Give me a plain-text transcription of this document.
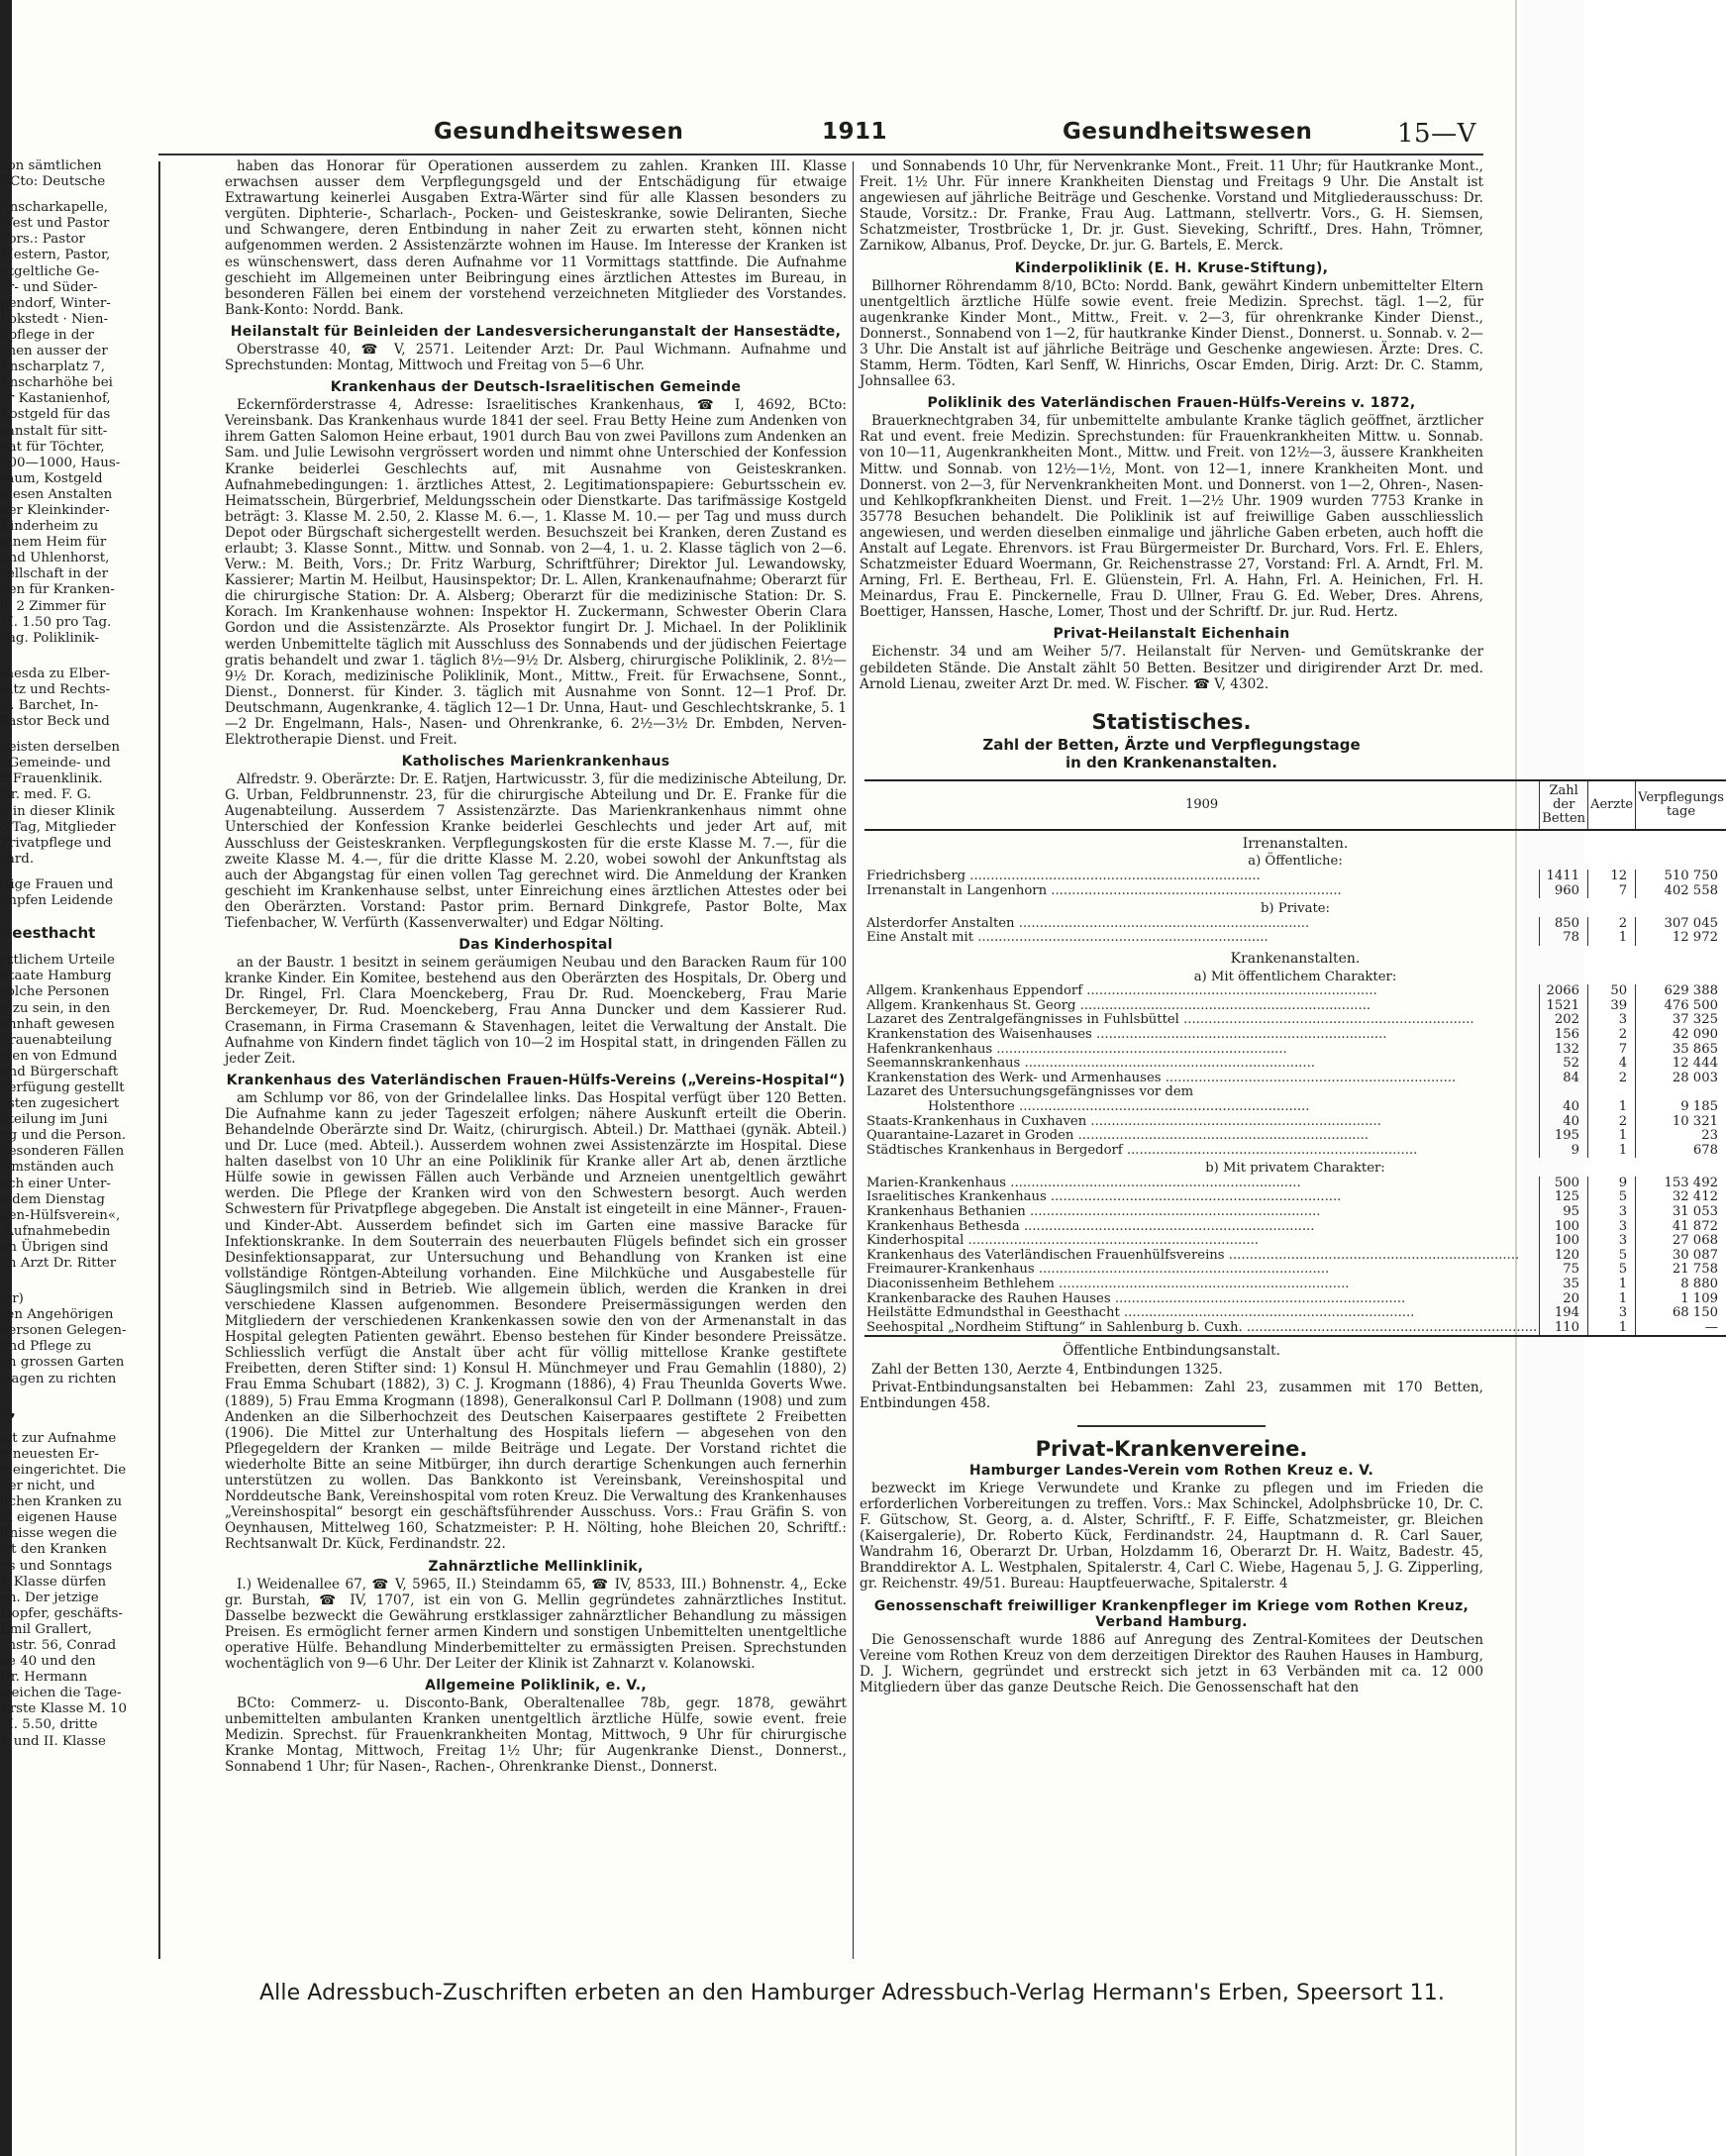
Gesundheitswesen	1911	Gesundheitswesen	15—V

von sämtlichen

BCto: Deutsche

Anscharkapelle,

West und Pastor

Vors.: Pastor

Mestern, Pastor,

ntgeltliche Ge-

er- und Süder-

pendorf, Winter-

Lokstedt · Nien-

dpflege in der

chen ausser der

Anscharplatz 7,

Anscharhöhe bei

er Kastanienhof,

Kostgeld für das

sanstalt für sitt-

nat für Töchter,

700—1000, Haus-

raum, Kostgeld

diesen Anstalten

der Kleinkinder-

Kinderheim zu

innem Heim für

und Uhlenhorst,

sellschaft in der

hen für Kranken-

ie 2 Zimmer für

M. 1.50 pro Tag.

Tag. Poliklinik-

thesda zu Elber-

Sitz und Rechts-

G. Barchet, In-

Pastor Beck und

neisten derselben

· Gemeinde- und

n Frauenklinik.

Dr. med. F. G.

n in dieser Klinik

o Tag, Mitglieder

Privatpflege und

sard.

ftige Frauen und

impfen Leidende

Geesthacht

rztlichem Urteile

Staate Hamburg

solche Personen

g zu sein, in den

ohnhaft gewesen

Frauenabteilung

sten von Edmund

und Bürgerschaft

Verfügung gestellt

esten zugesichert

bteilung im Juni

ng und die Person.

besonderen Fällen

Umständen auch

ach einer Unter-

jedem Dienstag

uen-Hülfsverein«,

,Aufnahmebedin

im Übrigen sind

en Arzt Dr. Ritter

ler)

ren Angehörigen

Personen Gelegen-

und Pflege zu

en grossen Garten

fragen zu richten

e,

ält zur Aufnahme

n neuesten Er-

n eingerichtet. Die

der nicht, und

lichen Kranken zu

m eigenen Hause

ltnisse wegen die

ist den Kranken

ns und Sonntags

I. Klasse dürfen

en. Der jetzige

Hopfer, geschäfts-

Emil Grallert,

chstr. 56, Conrad

ee 40 und den

Dr. Hermann

weichen die Tage-

Erste Klasse M. 10

M. 5.50, dritte

I. und II. Klasse

haben das Honorar für Operationen ausserdem zu zahlen. Kranken III. Klasse erwachsen ausser dem Verpflegungsgeld und der Entschädigung für etwaige Extrawartung keinerlei Ausgaben Extra-Wärter sind für alle Klassen besonders zu vergüten. Diphterie-, Scharlach-, Pocken- und Geisteskranke, sowie Deliranten, Sieche und Schwangere, deren Entbindung in naher Zeit zu erwarten steht, können nicht aufgenommen werden. 2 Assistenzärzte wohnen im Hause. Im Interesse der Kranken ist es wünschenswert, dass deren Aufnahme vor 11 Vormittags stattfinde. Die Aufnahme geschieht im Allgemeinen unter Beibringung eines ärztlichen Attestes im Bureau, in besonderen Fällen bei einem der vorstehend verzeichneten Mitglieder des Vorstandes. Bank-Konto: Nordd. Bank.

Heilanstalt für Beinleiden der Landesversicherunganstalt der Hansestädte,

Oberstrasse 40, ☎ V, 2571. Leitender Arzt: Dr. Paul Wichmann. Aufnahme und Sprechstunden: Montag, Mittwoch und Freitag von 5—6 Uhr.

Krankenhaus der Deutsch-Israelitischen Gemeinde

Eckernförderstrasse 4, Adresse: Israelitisches Krankenhaus, ☎ I, 4692, BCto: Vereinsbank. Das Krankenhaus wurde 1841 der seel. Frau Betty Heine zum Andenken von ihrem Gatten Salomon Heine erbaut, 1901 durch Bau von zwei Pavillons zum Andenken an Sam. und Julie Lewisohn vergrössert worden und nimmt ohne Unterschied der Konfession Kranke beiderlei Geschlechts auf, mit Ausnahme von Geisteskranken. Aufnahmebedingungen: 1. ärztliches Attest, 2. Legitimationspapiere: Geburtsschein ev. Heimatsschein, Bürgerbrief, Meldungsschein oder Dienstkarte. Das tarifmässige Kostgeld beträgt: 3. Klasse M. 2.50, 2. Klasse M. 6.—, 1. Klasse M. 10.— per Tag und muss durch Depot oder Bürgschaft sichergestellt werden. Besuchszeit bei Kranken, deren Zustand es erlaubt; 3. Klasse Sonnt., Mittw. und Sonnab. von 2—4, 1. u. 2. Klasse täglich von 2—6. Verw.: M. Beith, Vors.; Dr. Fritz Warburg, Schriftführer; Direktor Jul. Lewandowsky, Kassierer; Martin M. Heilbut, Hausinspektor; Dr. L. Allen, Krankenaufnahme; Oberarzt für die chirurgische Station: Dr. A. Alsberg; Oberarzt für die medizinische Station: Dr. S. Korach. Im Krankenhause wohnen: Inspektor H. Zuckermann, Schwester Oberin Clara Gordon und die Assistenzärzte. Als Prosektor fungirt Dr. J. Michael. In der Poliklinik werden Unbemittelte täglich mit Ausschluss des Sonnabends und der jüdischen Feiertage gratis behandelt und zwar 1. täglich 8½—9½ Dr. Alsberg, chirurgische Poliklinik, 2. 8½—9½ Dr. Korach, medizinische Poliklinik, Mont., Mittw., Freit. für Erwachsene, Sonnt., Dienst., Donnerst. für Kinder. 3. täglich mit Ausnahme von Sonnt. 12—1 Prof. Dr. Deutschmann, Augenkranke, 4. täglich 12—1 Dr. Unna, Haut- und Geschlechtskranke, 5. 1—2 Dr. Engelmann, Hals-, Nasen- und Ohrenkranke, 6. 2½—3½ Dr. Embden, Nerven-Elektrotherapie Dienst. und Freit.

Katholisches Marienkrankenhaus

Alfredstr. 9. Oberärzte: Dr. E. Ratjen, Hartwicusstr. 3, für die medizinische Abteilung, Dr. G. Urban, Feldbrunnenstr. 23, für die chirurgische Abteilung und Dr. E. Franke für die Augenabteilung. Ausserdem 7 Assistenzärzte. Das Marienkrankenhaus nimmt ohne Unterschied der Konfession Kranke beiderlei Geschlechts und jeder Art auf, mit Ausschluss der Geisteskranken. Verpflegungskosten für die erste Klasse M. 7.—, für die zweite Klasse M. 4.—, für die dritte Klasse M. 2.20, wobei sowohl der Ankunftstag als auch der Abgangstag für einen vollen Tag gerechnet wird. Die Anmeldung der Kranken geschieht im Krankenhause selbst, unter Einreichung eines ärztlichen Attestes oder bei den Oberärzten. Vorstand: Pastor prim. Bernard Dinkgrefe, Pastor Bolte, Max Tiefenbacher, W. Verfürth (Kassenverwalter) und Edgar Nölting.

Das Kinderhospital

an der Baustr. 1 besitzt in seinem geräumigen Neubau und den Baracken Raum für 100 kranke Kinder. Ein Komitee, bestehend aus den Oberärzten des Hospitals, Dr. Oberg und Dr. Ringel, Frl. Clara Moenckeberg, Frau Dr. Rud. Moenckeberg, Frau Marie Berckemeyer, Dr. Rud. Moenckeberg, Frau Anna Duncker und dem Kassierer Rud. Crasemann, in Firma Crasemann & Stavenhagen, leitet die Verwaltung der Anstalt. Die Aufnahme von Kindern findet täglich von 10—2 im Hospital statt, in dringenden Fällen zu jeder Zeit.

Krankenhaus des Vaterländischen Frauen-Hülfs-Vereins („Vereins-Hospital“)

am Schlump vor 86, von der Grindelallee links. Das Hospital verfügt über 120 Betten. Die Aufnahme kann zu jeder Tageszeit erfolgen; nähere Auskunft erteilt die Oberin. Behandelnde Oberärzte sind Dr. Waitz, (chirurgisch. Abteil.) Dr. Matthaei (gynäk. Abteil.) und Dr. Luce (med. Abteil.). Ausserdem wohnen zwei Assistenzärzte im Hospital. Diese halten daselbst von 10 Uhr an eine Poliklinik für Kranke aller Art ab, denen ärztliche Hülfe sowie in gewissen Fällen auch Verbände und Arzneien unentgeltlich gewährt werden. Die Pflege der Kranken wird von den Schwestern besorgt. Auch werden Schwestern für Privatpflege abgegeben. Die Anstalt ist eingeteilt in eine Männer-, Frauen- und Kinder-Abt. Ausserdem befindet sich im Garten eine massive Baracke für Infektionskranke. In dem Souterrain des neuerbauten Flügels befindet sich ein grosser Desinfektionsapparat, zur Untersuchung und Behandlung von Kranken ist eine vollständige Röntgen-Abteilung vorhanden. Eine Milchküche und Ausgabestelle für Säuglingsmilch sind in Betrieb. Wie allgemein üblich, werden die Kranken in drei verschiedene Klassen aufgenommen. Besondere Preisermässigungen werden den Mitgliedern der verschiedenen Krankenkassen sowie den von der Armenanstalt in das Hospital gelegten Patienten gewährt. Ebenso bestehen für Kinder besondere Preissätze. Schliesslich verfügt die Anstalt über acht für völlig mittellose Kranke gestiftete Freibetten, deren Stifter sind: 1) Konsul H. Münchmeyer und Frau Gemahlin (1880), 2) Frau Emma Schubart (1882), 3) C. J. Krogmann (1886), 4) Frau Theunlda Goverts Wwe. (1889), 5) Frau Emma Krogmann (1898), Generalkonsul Carl P. Dollmann (1908) und zum Andenken an die Silberhochzeit des Deutschen Kaiserpaares gestiftete 2 Freibetten (1906). Die Mittel zur Unterhaltung des Hospitals liefern — abgesehen von den Pflegegeldern der Kranken — milde Beiträge und Legate. Der Vorstand richtet die wiederholte Bitte an seine Mitbürger, ihn durch derartige Schenkungen auch fernerhin unterstützen zu wollen. Das Bankkonto ist Vereinsbank, Vereinshospital und Norddeutsche Bank, Vereinshospital vom roten Kreuz. Die Verwaltung des Krankenhauses „Vereinshospital“ besorgt ein geschäftsführender Ausschuss. Vors.: Frau Gräfin S. von Oeynhausen, Mittelweg 160, Schatzmeister: P. H. Nölting, hohe Bleichen 20, Schriftf.: Rechtsanwalt Dr. Kück, Ferdinandstr. 22.

Zahnärztliche Mellinklinik,

I.) Weidenallee 67, ☎ V, 5965, II.) Steindamm 65, ☎ IV, 8533, III.) Bohnenstr. 4,, Ecke gr. Burstah, ☎ IV, 1707, ist ein von G. Mellin gegründetes zahnärztliches Institut. Dasselbe bezweckt die Gewährung erstklassiger zahnärztlicher Behandlung zu mässigen Preisen. Es ermöglicht ferner armen Kindern und sonstigen Unbemittelten unentgeltliche operative Hülfe. Behandlung Minderbemittelter zu ermässigten Preisen. Sprechstunden wochentäglich von 9—6 Uhr. Der Leiter der Klinik ist Zahnarzt v. Kolanowski.

Allgemeine Poliklinik, e. V.,

BCto: Commerz- u. Disconto-Bank, Oberaltenallee 78b, gegr. 1878, gewährt unbemittelten ambulanten Kranken unentgeltlich ärztliche Hülfe, sowie event. freie Medizin. Sprechst. für Frauenkrankheiten Montag, Mittwoch, 9 Uhr für chirurgische Kranke Montag, Mittwoch, Freitag 1½ Uhr; für Augenkranke Dienst., Donnerst., Sonnabend 1 Uhr; für Nasen-, Rachen-, Ohrenkranke Dienst., Donnerst.

und Sonnabends 10 Uhr, für Nervenkranke Mont., Freit. 11 Uhr; für Hautkranke Mont., Freit. 1½ Uhr. Für innere Krankheiten Dienstag und Freitags 9 Uhr. Die Anstalt ist angewiesen auf jährliche Beiträge und Geschenke. Vorstand und Mitgliederausschuss: Dr. Staude, Vorsitz.: Dr. Franke, Frau Aug. Lattmann, stellvertr. Vors., G. H. Siemsen, Schatzmeister, Trostbrücke 1, Dr. jr. Gust. Sieveking, Schriftf., Dres. Hahn, Trömner, Zarnikow, Albanus, Prof. Deycke, Dr. jur. G. Bartels, E. Merck.

Kinderpoliklinik (E. H. Kruse-Stiftung),

Billhorner Röhrendamm 8/10, BCto: Nordd. Bank, gewährt Kindern unbemittelter Eltern unentgeltlich ärztliche Hülfe sowie event. freie Medizin. Sprechst. tägl. 1—2, für augenkranke Kinder Mont., Mittw., Freit. v. 2—3, für ohrenkranke Kinder Dienst., Donnerst., Sonnabend von 1—2, für hautkranke Kinder Dienst., Donnerst. u. Sonnab. v. 2—3 Uhr. Die Anstalt ist auf jährliche Beiträge und Geschenke angewiesen. Ärzte: Dres. C. Stamm, Herm. Tödten, Karl Senff, W. Hinrichs, Oscar Emden, Dirig. Arzt: Dr. C. Stamm, Johnsallee 63.

Poliklinik des Vaterländischen Frauen-Hülfs-Vereins v. 1872,

Brauerknechtgraben 34, für unbemittelte ambulante Kranke täglich geöffnet, ärztlicher Rat und event. freie Medizin. Sprechstunden: für Frauenkrankheiten Mittw. u. Sonnab. von 10—11, Augenkrankheiten Mont., Mittw. und Freit. von 12½—3, äussere Krankheiten Mittw. und Sonnab. von 12½—1½, Mont. von 12—1, innere Krankheiten Mont. und Donnerst. von 2—3, für Nervenkrankheiten Mont. und Donnerst. von 1—2, Ohren-, Nasen- und Kehlkopfkrankheiten Dienst. und Freit. 1—2½ Uhr. 1909 wurden 7753 Kranke in 35778 Besuchen behandelt. Die Poliklinik ist auf freiwillige Gaben ausschliesslich angewiesen, und werden dieselben einmalige und jährliche Gaben erbeten, auch hofft die Anstalt auf Legate. Ehrenvors. ist Frau Bürgermeister Dr. Burchard, Vors. Frl. E. Ehlers, Schatzmeister Eduard Woermann, Gr. Reichenstrasse 27, Vorstand: Frl. A. Arndt, Frl. M. Arning, Frl. E. Bertheau, Frl. E. Glüenstein, Frl. A. Hahn, Frl. A. Heinichen, Frl. H. Meinardus, Frau E. Pinckernelle, Frau D. Ullner, Frau G. Ed. Weber, Dres. Ahrens, Boettiger, Hanssen, Hasche, Lomer, Thost und der Schriftf. Dr. jur. Rud. Hertz.

Privat-Heilanstalt Eichenhain

Eichenstr. 34 und am Weiher 5/7. Heilanstalt für Nerven- und Gemütskranke der gebildeten Stände. Die Anstalt zählt 50 Betten. Besitzer und dirigirender Arzt Dr. med. Arnold Lienau, zweiter Arzt Dr. med. W. Fischer. ☎ V, 4302.

Statistisches.
Zahl der Betten, Ärzte und Verpflegungstage
in den Krankenanstalten.
1909	Zahl der Betten	Aerzte	Verpflegungs tage
Irrenanstalten.			
a) Öffentliche:			
Friedrichsberg ......................................................................	1411	12	510 750
Irrenanstalt in Langenhorn ......................................................................	960	7	402 558
b) Private:			
Alsterdorfer Anstalten ......................................................................	850	2	307 045
Eine Anstalt mit ......................................................................	78	1	12 972
Krankenanstalten.			
a) Mit öffentlichem Charakter:			
Allgem. Krankenhaus Eppendorf ......................................................................	2066	50	629 388
Allgem. Krankenhaus St. Georg ......................................................................	1521	39	476 500
Lazaret des Zentralgefängnisses in Fuhlsbüttel ......................................................................	202	3	37 325
Krankenstation des Waisenhauses ......................................................................	156	2	42 090
Hafenkrankenhaus ......................................................................	132	7	35 865
Seemannskrankenhaus ......................................................................	52	4	12 444
Krankenstation des Werk- und Armenhauses ......................................................................	84	2	28 003
Lazaret des Untersuchungsgefängnisses vor dem			
Holstenthore ......................................................................	40	1	9 185
Staats-Krankenhaus in Cuxhaven ......................................................................	40	2	10 321
Quarantaine-Lazaret in Groden ......................................................................	195	1	23
Städtisches Krankenhaus in Bergedorf ......................................................................	9	1	678
b) Mit privatem Charakter:			
Marien-Krankenhaus ......................................................................	500	9	153 492
Israelitisches Krankenhaus ......................................................................	125	5	32 412
Krankenhaus Bethanien ......................................................................	95	3	31 053
Krankenhaus Bethesda ......................................................................	100	3	41 872
Kinderhospital ......................................................................	100	3	27 068
Krankenhaus des Vaterländischen Frauenhülfsvereins ......................................................................	120	5	30 087
Freimaurer-Krankenhaus ......................................................................	75	5	21 758
Diaconissenheim Bethlehem ......................................................................	35	1	8 880
Krankenbaracke des Rauhen Hauses ......................................................................	20	1	1 109
Heilstätte Edmundsthal in Geesthacht ......................................................................	194	3	68 150
Seehospital „Nordheim Stiftung“ in Sahlenburg b. Cuxh. ......................................................................	110	1	—
Öffentliche Entbindungsanstalt.

Zahl der Betten 130, Aerzte 4, Entbindungen 1325.

Privat-Entbindungsanstalten bei Hebammen: Zahl 23, zusammen mit 170 Betten, Entbindungen 458.

Privat-Krankenvereine.
Hamburger Landes-Verein vom Rothen Kreuz e. V.

bezweckt im Kriege Verwundete und Kranke zu pflegen und im Frieden die erforderlichen Vorbereitungen zu treffen. Vors.: Max Schinckel, Adolphsbrücke 10, Dr. C. F. Gütschow, St. Georg, a. d. Alster, Schriftf., F. F. Eiffe, Schatzmeister, gr. Bleichen (Kaisergalerie), Dr. Roberto Kück, Ferdinandstr. 24, Hauptmann d. R. Carl Sauer, Wandrahm 16, Oberarzt Dr. Urban, Holzdamm 16, Oberarzt Dr. H. Waitz, Badestr. 45, Branddirektor A. L. Westphalen, Spitalerstr. 4, Carl C. Wiebe, Hagenau 5, J. G. Zipperling, gr. Reichenstr. 49/51. Bureau: Hauptfeuerwache, Spitalerstr. 4

Genossenschaft freiwilliger Krankenpfleger im Kriege vom Rothen Kreuz, Verband Hamburg.

Die Genossenschaft wurde 1886 auf Anregung des Zentral-Komitees der Deutschen Vereine vom Rothen Kreuz von dem derzeitigen Direktor des Rauhen Hauses in Hamburg, D. J. Wichern, gegründet und erstreckt sich jetzt in 63 Verbänden mit ca. 12 000 Mitgliedern über das ganze Deutsche Reich. Die Genossenschaft hat den

Alle Adressbuch-Zuschriften erbeten an den Hamburger Adressbuch-Verlag Hermann's Erben, Speersort 11.
